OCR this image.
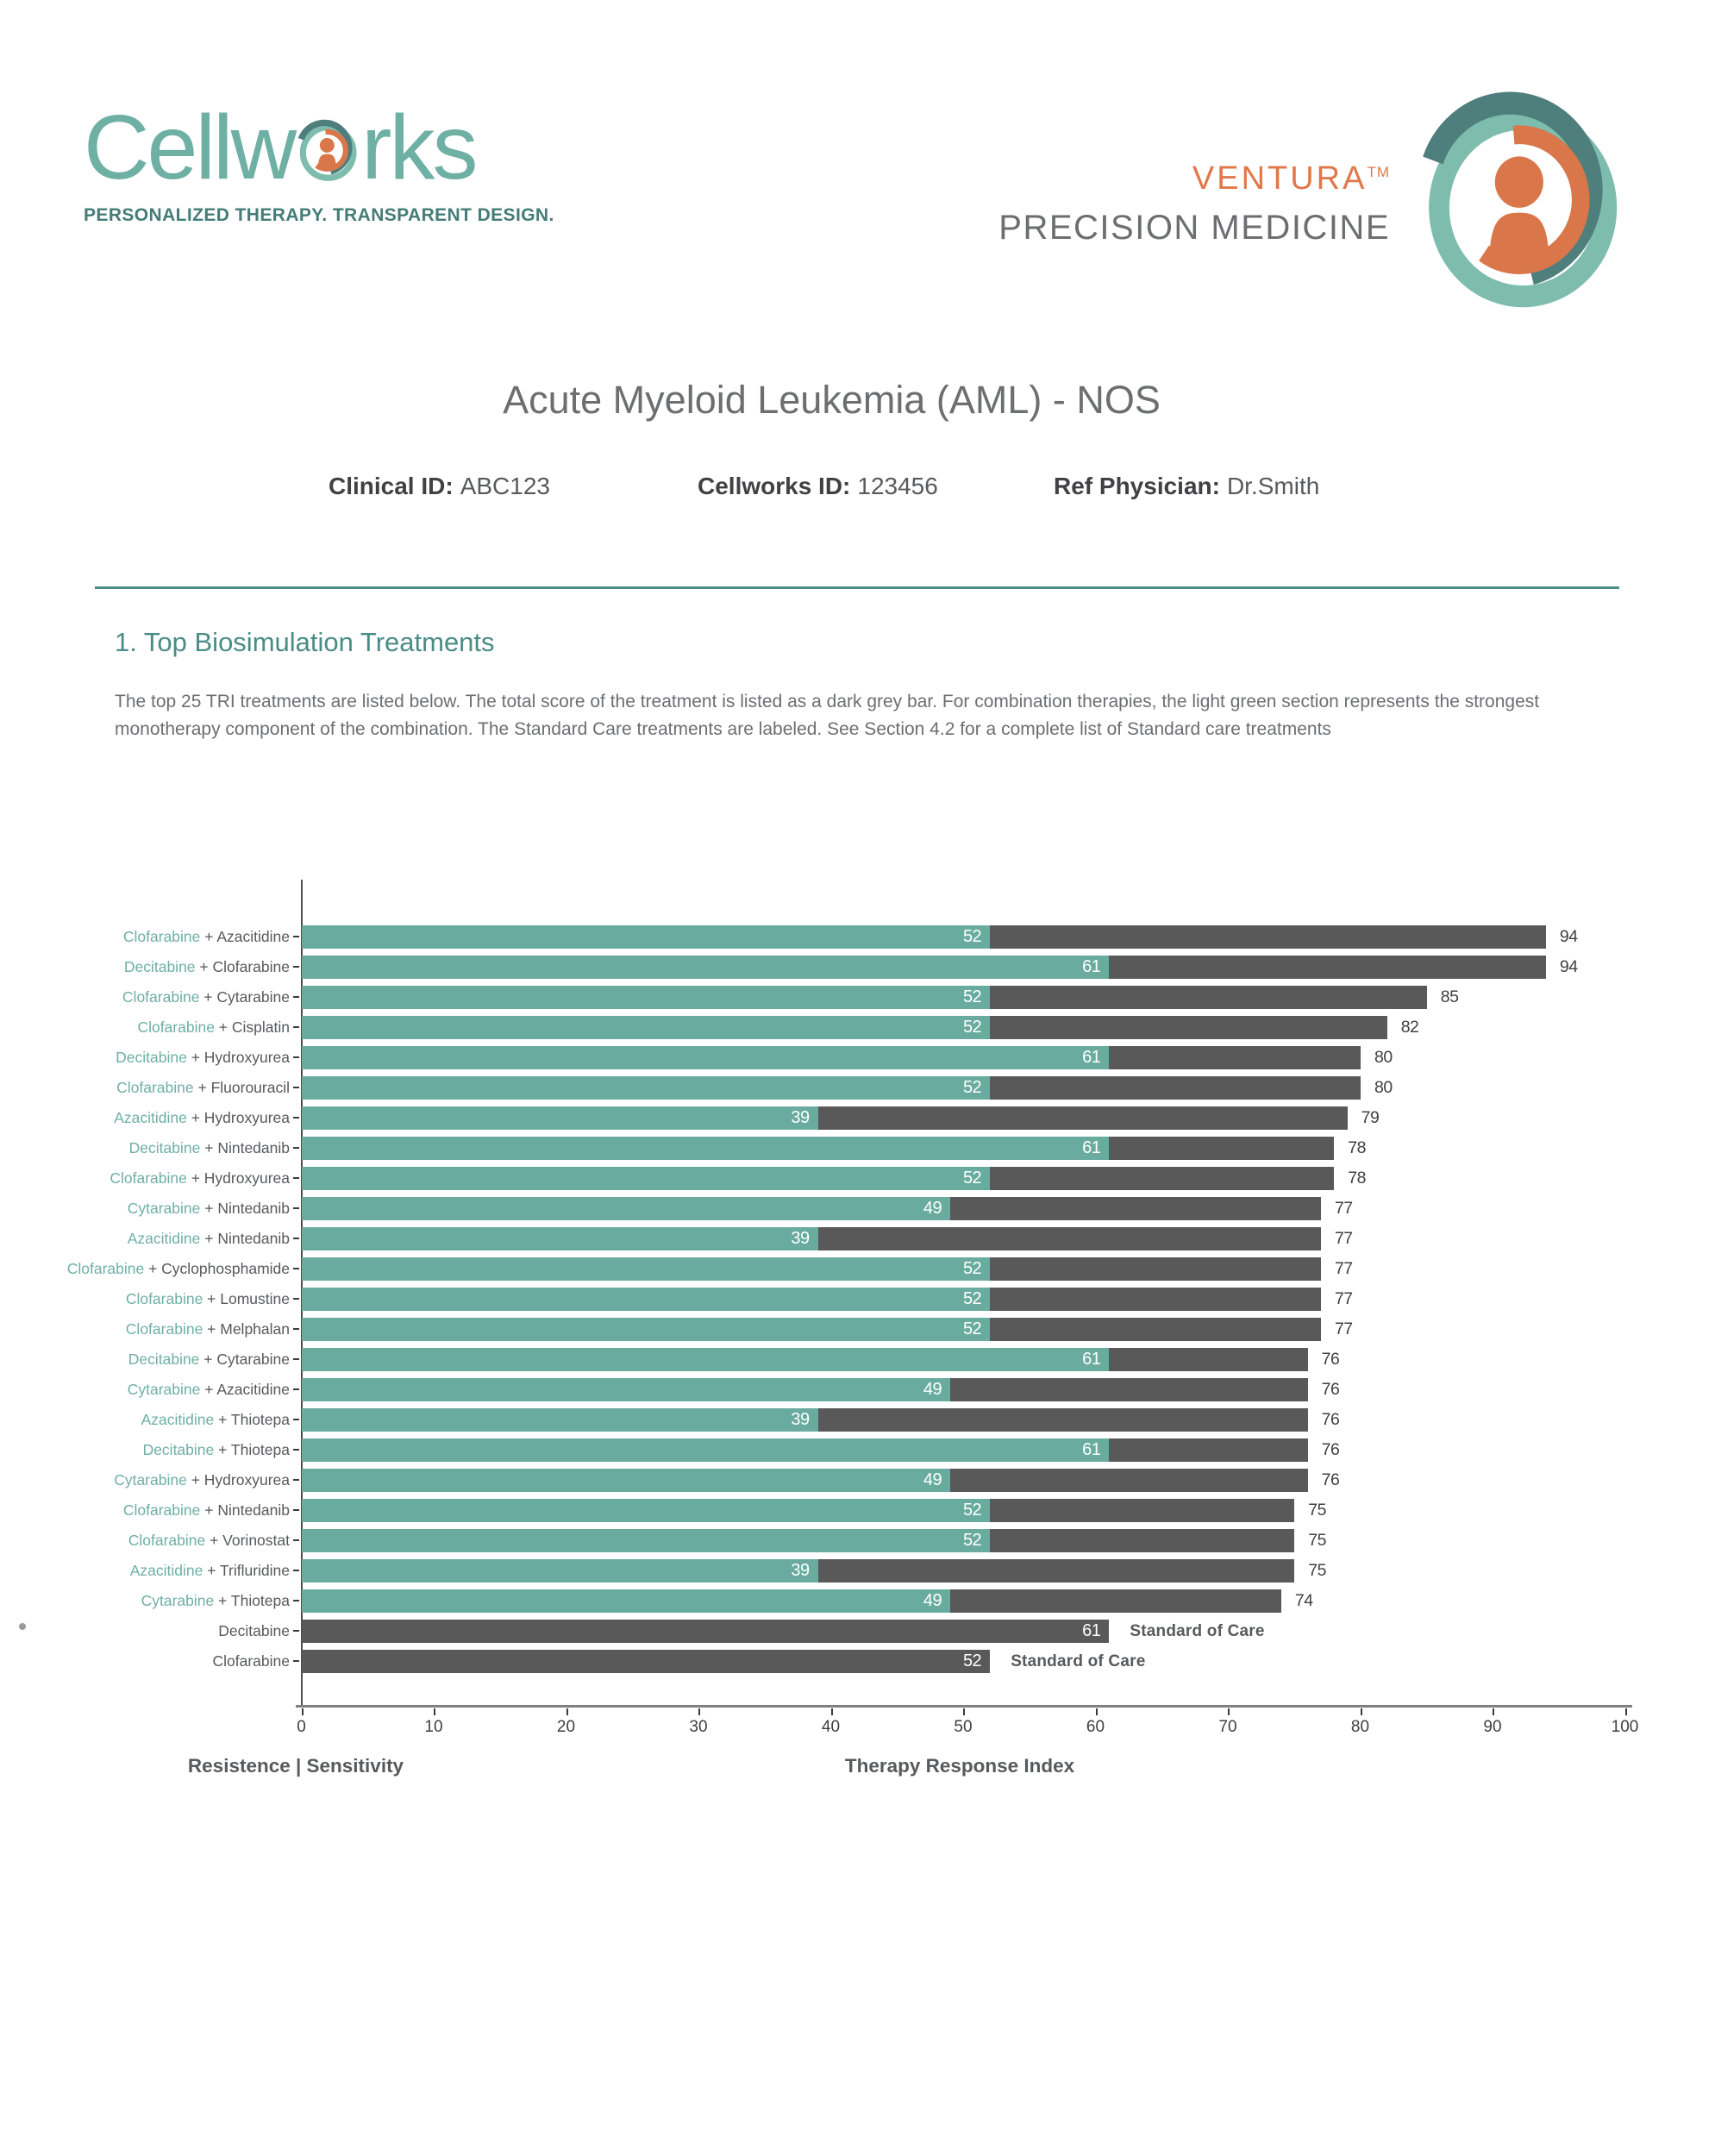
Cellw rks
PERSONALIZED THERAPY. TRANSPARENT DESIGN.
VENTURATM
PRECISION MEDICINE
Acute Myeloid Leukemia (AML) - NOS
Clinical ID: ABC123	Cellworks ID: 123456	Ref Physician: Dr.Smith
1. Top Biosimulation Treatments
The top 25 TRI treatments are listed below. The total score of the treatment is listed as a dark grey bar. For combination therapies, the light green section represents the strongest monotherapy component of the combination. The Standard Care treatments are labeled. See Section 4.2 for a complete list of Standard care treatments
Resistence | Sensitivity	Therapy Response Index
Clofarabine + Azacitidine	52	94
Decitabine + Clofarabine	61	94
Clofarabine + Cytarabine	52	85
Clofarabine + Cisplatin	52	82
Decitabine + Hydroxyurea	61	80
Clofarabine + Fluorouracil	52	80
Azacitidine + Hydroxyurea	39	79
Decitabine + Nintedanib	61	78
Clofarabine + Hydroxyurea	52	78
Cytarabine + Nintedanib	49	77
Azacitidine + Nintedanib	39	77
Clofarabine + Cyclophosphamide	52	77
Clofarabine + Lomustine	52	77
Clofarabine + Melphalan	52	77
Decitabine + Cytarabine	61	76
Cytarabine + Azacitidine	49	76
Azacitidine + Thiotepa	39	76
Decitabine + Thiotepa	61	76
Cytarabine + Hydroxyurea	49	76
Clofarabine + Nintedanib	52	75
Clofarabine + Vorinostat	52	75
Azacitidine + Trifluridine	39	75
Cytarabine + Thiotepa	49	74
Decitabine	61	Standard of Care
Clofarabine	52	Standard of Care
0	10	20	30	40	50	60	70	80	90	100
